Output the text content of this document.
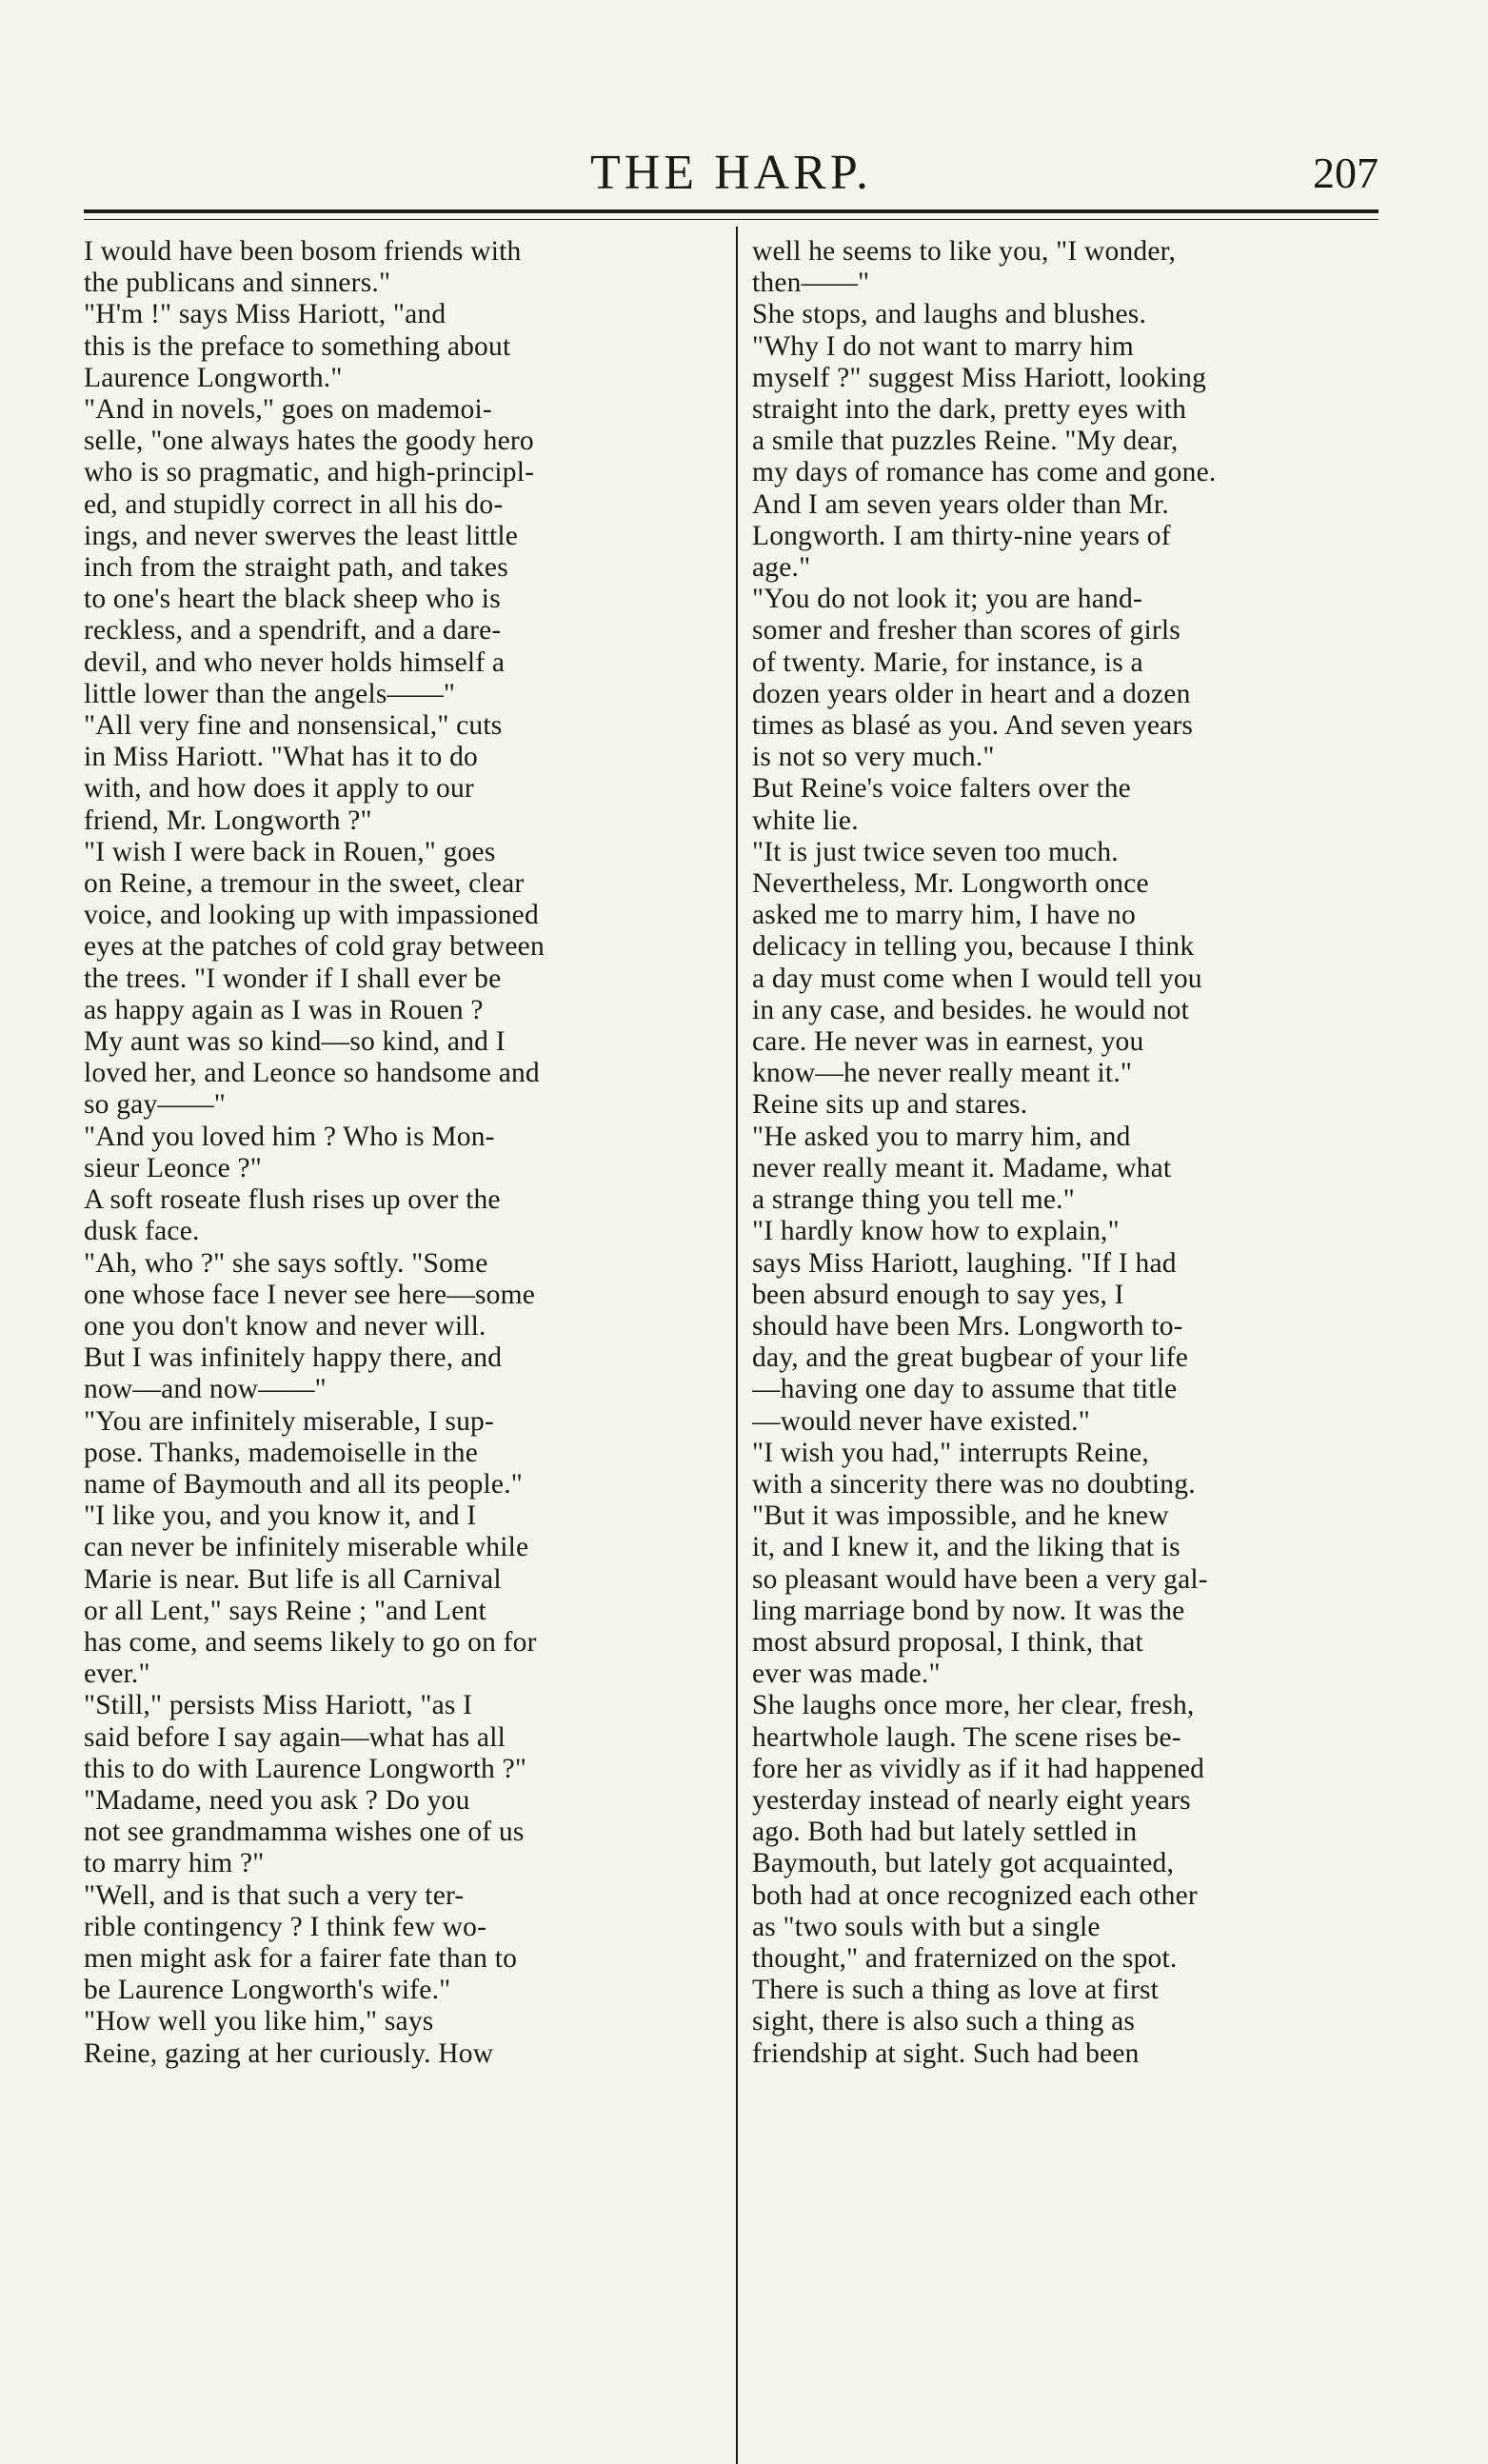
THE HARP.	207

I would have been bosom friends with
the publicans and sinners."
"H'm !" says Miss Hariott, "and
this is the preface to something about
Laurence Longworth."
"And in novels," goes on mademoi-
selle, "one always hates the goody hero
who is so pragmatic, and high-principl-
ed, and stupidly correct in all his do-
ings, and never swerves the least little
inch from the straight path, and takes
to one's heart the black sheep who is
reckless, and a spendrift, and a dare-
devil, and who never holds himself a
little lower than the angels——"
"All very fine and nonsensical," cuts
in Miss Hariott. "What has it to do
with, and how does it apply to our
friend, Mr. Longworth ?"
"I wish I were back in Rouen," goes
on Reine, a tremour in the sweet, clear
voice, and looking up with impassioned
eyes at the patches of cold gray between
the trees. "I wonder if I shall ever be
as happy again as I was in Rouen ?
My aunt was so kind—so kind, and I
loved her, and Leonce so handsome and
so gay——"
"And you loved him ? Who is Mon-
sieur Leonce ?"
A soft roseate flush rises up over the
dusk face.
"Ah, who ?" she says softly. "Some
one whose face I never see here—some
one you don't know and never will.
But I was infinitely happy there, and
now—and now——"
"You are infinitely miserable, I sup-
pose. Thanks, mademoiselle in the
name of Baymouth and all its people."
"I like you, and you know it, and I
can never be infinitely miserable while
Marie is near. But life is all Carnival
or all Lent," says Reine ; "and Lent
has come, and seems likely to go on for
ever."
"Still," persists Miss Hariott, "as I
said before I say again—what has all
this to do with Laurence Longworth ?"
"Madame, need you ask ? Do you
not see grandmamma wishes one of us
to marry him ?"
"Well, and is that such a very ter-
rible contingency ? I think few wo-
men might ask for a fairer fate than to
be Laurence Longworth's wife."
"How well you like him," says
Reine, gazing at her curiously. How

well he seems to like you, "I wonder,
then——"
She stops, and laughs and blushes.
"Why I do not want to marry him
myself ?" suggest Miss Hariott, looking
straight into the dark, pretty eyes with
a smile that puzzles Reine. "My dear,
my days of romance has come and gone.
And I am seven years older than Mr.
Longworth. I am thirty-nine years of
age."
"You do not look it; you are hand-
somer and fresher than scores of girls
of twenty. Marie, for instance, is a
dozen years older in heart and a dozen
times as blasé as you. And seven years
is not so very much."
But Reine's voice falters over the
white lie.
"It is just twice seven too much.
Nevertheless, Mr. Longworth once
asked me to marry him, I have no
delicacy in telling you, because I think
a day must come when I would tell you
in any case, and besides. he would not
care. He never was in earnest, you
know—he never really meant it."
Reine sits up and stares.
"He asked you to marry him, and
never really meant it. Madame, what
a strange thing you tell me."
"I hardly know how to explain,"
says Miss Hariott, laughing. "If I had
been absurd enough to say yes, I
should have been Mrs. Longworth to-
day, and the great bugbear of your life
—having one day to assume that title
—would never have existed."
"I wish you had," interrupts Reine,
with a sincerity there was no doubting.
"But it was impossible, and he knew
it, and I knew it, and the liking that is
so pleasant would have been a very gal-
ling marriage bond by now. It was the
most absurd proposal, I think, that
ever was made."
She laughs once more, her clear, fresh,
heartwhole laugh. The scene rises be-
fore her as vividly as if it had happened
yesterday instead of nearly eight years
ago. Both had but lately settled in
Baymouth, but lately got acquainted,
both had at once recognized each other
as "two souls with but a single
thought," and fraternized on the spot.
There is such a thing as love at first
sight, there is also such a thing as
friendship at sight. Such had been
